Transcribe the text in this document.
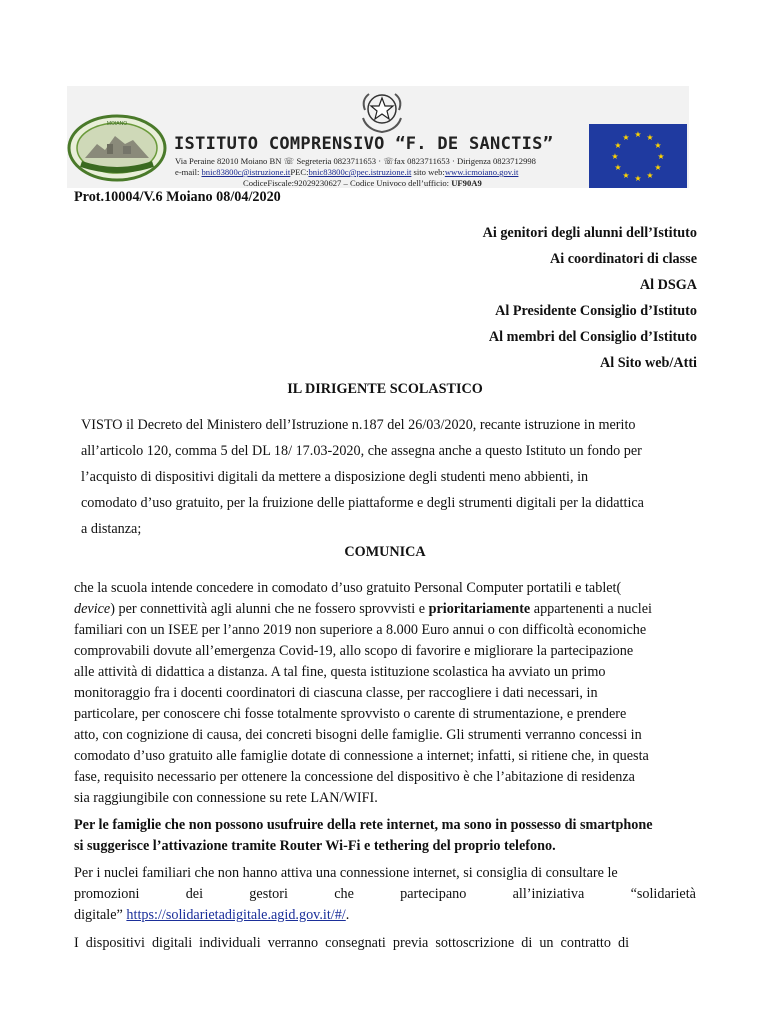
MOIANO
★ ★
★
★
★
★
★
★
★
★
★
★
ISTITUTO COMPRENSIVO “F. DE SANCTIS”
Via Peraine 82010 Moiano BN ☏ Segreteria 0823711653 · ☏fax 0823711653 · Dirigenza 0823712998
e-mail: bnic83800c@istruzione.itPEC:bnic83800c@pec.istruzione.it sito web:www.icmoiano.gov.it
CodiceFiscale:92029230627 – Codice Univoco dell’ufficio: UF90A9
Prot.10004/V.6 Moiano 08/04/2020
Ai genitori degli alunni dell’Istituto
Ai coordinatori di classe
Al DSGA
Al Presidente Consiglio d’Istituto
Al membri del Consiglio d’Istituto
Al Sito web/Atti
IL DIRIGENTE SCOLASTICO
VISTO il Decreto del Ministero dell’Istruzione n.187 del 26/03/2020, recante istruzione in merito
all’articolo 120, comma 5 del DL 18/ 17.03-2020, che assegna anche a questo Istituto un fondo per
l’acquisto di dispositivi digitali da mettere a disposizione degli studenti meno abbienti, in
comodato d’uso gratuito, per la fruizione delle piattaforme e degli strumenti digitali per la didattica
a distanza;
COMUNICA
che la scuola intende concedere in comodato d’uso gratuito Personal Computer portatili e tablet(
device) per connettività agli alunni che ne fossero sprovvisti e prioritariamente appartenenti a nuclei
familiari con un ISEE per l’anno 2019 non superiore a 8.000 Euro annui o con difficoltà economiche
comprovabili dovute all’emergenza Covid-19, allo scopo di favorire e migliorare la partecipazione
alle attività di didattica a distanza. A tal fine, questa istituzione scolastica ha avviato un primo
monitoraggio fra i docenti coordinatori di ciascuna classe, per raccogliere i dati necessari, in
particolare, per conoscere chi fosse totalmente sprovvisto o carente di strumentazione, e prendere
atto, con cognizione di causa, dei concreti bisogni delle famiglie. Gli strumenti verranno concessi in
comodato d’uso gratuito alle famiglie dotate di connessione a internet; infatti, si ritiene che, in questa
fase, requisito necessario per ottenere la concessione del dispositivo è che l’abitazione di residenza
sia raggiungibile con connessione su rete LAN/WIFI.
Per le famiglie che non possono usufruire della rete internet, ma sono in possesso di smartphone
si suggerisce l’attivazione tramite Router Wi-Fi e tethering del proprio telefono.
Per i nuclei familiari che non hanno attiva una connessione internet, si consiglia di consultare le
promozioni	dei	gestori	che	partecipano	all’iniziativa	“solidarietà
digitale” https://solidarietadigitale.agid.gov.it/#/.
I dispositivi digitali individuali verranno consegnati previa sottoscrizione di un contratto di
